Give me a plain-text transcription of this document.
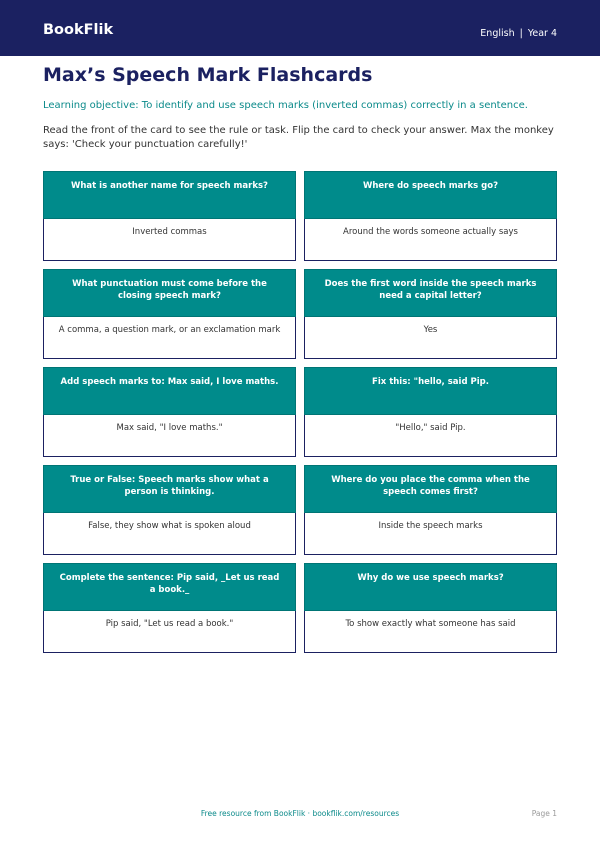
BookFlik	English | Year 4
Max’s Speech Mark Flashcards
Learning objective: To identify and use speech marks (inverted commas) correctly in a sentence.
Read the front of the card to see the rule or task. Flip the card to check your answer. Max the monkey says: 'Check your punctuation carefully!'
What is another name for speech marks?
Inverted commas
Where do speech marks go?
Around the words someone actually says
What punctuation must come before the closing speech mark?
A comma, a question mark, or an exclamation mark
Does the first word inside the speech marks need a capital letter?
Yes
Add speech marks to: Max said, I love maths.
Max said, "I love maths."
Fix this: "hello, said Pip.
"Hello," said Pip.
True or False: Speech marks show what a person is thinking.
False, they show what is spoken aloud
Where do you place the comma when the speech comes first?
Inside the speech marks
Complete the sentence: Pip said, _Let us read a book._
Pip said, "Let us read a book."
Why do we use speech marks?
To show exactly what someone has said
Free resource from BookFlik · bookflik.com/resources	Page 1
